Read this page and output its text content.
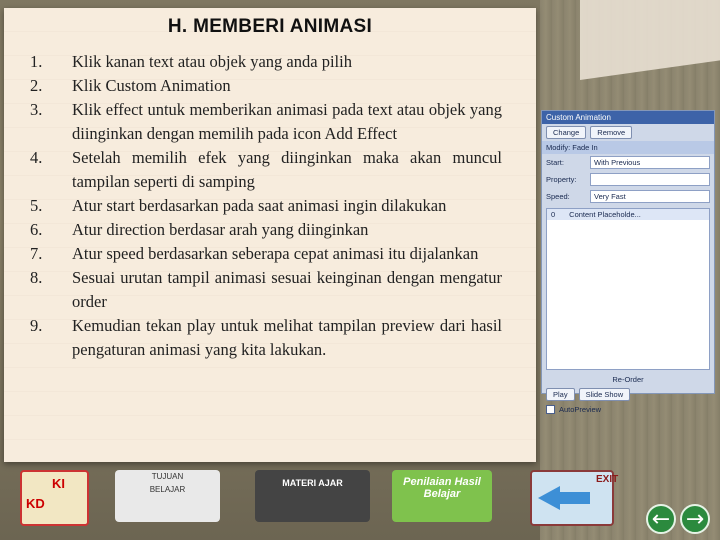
H. MEMBERI ANIMASI
1.	Klik kanan text atau objek yang anda pilih
2.	Klik Custom Animation
3.	Klik effect untuk memberikan animasi pada text atau objek yang diinginkan dengan memilih pada icon Add Effect
4.	Setelah memilih efek yang diinginkan maka akan muncul tampilan seperti di samping
5.	Atur start berdasarkan pada saat animasi ingin dilakukan
6.	Atur direction berdasar arah yang diinginkan
7.	Atur speed berdasarkan seberapa cepat animasi itu dijalankan
8.	Sesuai urutan tampil animasi sesuai keinginan dengan mengatur order
9.	Kemudian tekan play untuk melihat tampilan preview dari hasil pengaturan animasi yang kita lakukan.
Custom Animation
Change	Remove
Modify: Fade In
Start:	With Previous
Property:
Speed:	Very Fast
0 Content Placeholde...
Re-Order
Play	Slide Show
AutoPreview
KI
KD
TUJUAN
BELAJAR
MATERI AJAR	Penilaian Hasil
Belajar
EXIT
← →
